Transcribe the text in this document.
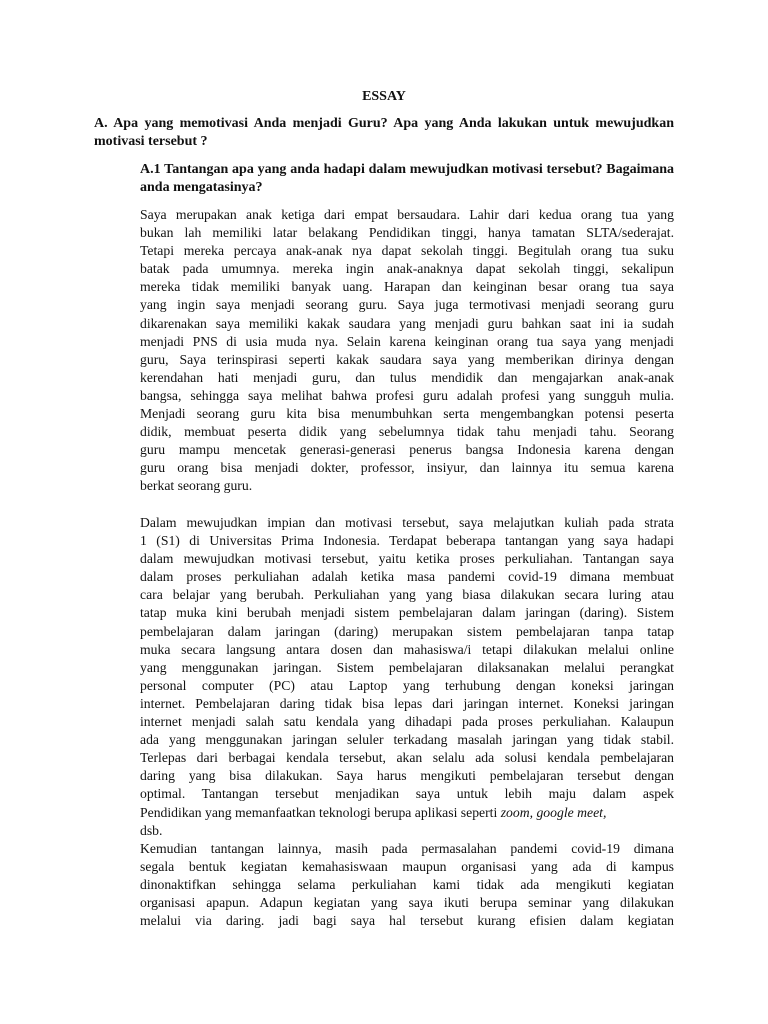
ESSAY
A. Apa yang memotivasi Anda menjadi Guru? Apa yang Anda lakukan untuk mewujudkan motivasi tersebut ?
A.1 Tantangan apa yang anda hadapi dalam mewujudkan motivasi tersebut? Bagaimana anda mengatasinya?
Saya merupakan anak ketiga dari empat bersaudara. Lahir dari kedua orang tua yang
bukan lah memiliki latar belakang Pendidikan tinggi, hanya tamatan SLTA/sederajat.
Tetapi mereka percaya anak-anak nya dapat sekolah tinggi. Begitulah orang tua suku
batak pada umumnya. mereka ingin anak-anaknya dapat sekolah tinggi, sekalipun
mereka tidak memiliki banyak uang. Harapan dan keinginan besar orang tua saya
yang ingin saya menjadi seorang guru. Saya juga termotivasi menjadi seorang guru
dikarenakan saya memiliki kakak saudara yang menjadi guru bahkan saat ini ia sudah
menjadi PNS di usia muda nya. Selain karena keinginan orang tua saya yang menjadi
guru, Saya terinspirasi seperti kakak saudara saya yang memberikan dirinya dengan
kerendahan hati menjadi guru, dan tulus mendidik dan mengajarkan anak-anak
bangsa, sehingga saya melihat bahwa profesi guru adalah profesi yang sungguh mulia.
Menjadi seorang guru kita bisa menumbuhkan serta mengembangkan potensi peserta
didik, membuat peserta didik yang sebelumnya tidak tahu menjadi tahu. Seorang
guru mampu mencetak generasi-generasi penerus bangsa Indonesia karena dengan
guru orang bisa menjadi dokter, professor, insiyur, dan lainnya itu semua karena
berkat seorang guru.
Dalam mewujudkan impian dan motivasi tersebut, saya melajutkan kuliah pada strata
1 (S1) di Universitas Prima Indonesia. Terdapat beberapa tantangan yang saya hadapi
dalam mewujudkan motivasi tersebut, yaitu ketika proses perkuliahan. Tantangan saya
dalam proses perkuliahan adalah ketika masa pandemi covid-19 dimana membuat
cara belajar yang berubah. Perkuliahan yang yang biasa dilakukan secara luring atau
tatap muka kini berubah menjadi sistem pembelajaran dalam jaringan (daring). Sistem
pembelajaran dalam jaringan (daring) merupakan sistem pembelajaran tanpa tatap
muka secara langsung antara dosen dan mahasiswa/i tetapi dilakukan melalui online
yang menggunakan jaringan. Sistem pembelajaran dilaksanakan melalui perangkat
personal computer (PC) atau Laptop yang terhubung dengan koneksi jaringan
internet. Pembelajaran daring tidak bisa lepas dari jaringan internet. Koneksi jaringan
internet menjadi salah satu kendala yang dihadapi pada proses perkuliahan. Kalaupun
ada yang menggunakan jaringan seluler terkadang masalah jaringan yang tidak stabil.
Terlepas dari berbagai kendala tersebut, akan selalu ada solusi kendala pembelajaran
daring yang bisa dilakukan. Saya harus mengikuti pembelajaran tersebut dengan
optimal. Tantangan tersebut menjadikan saya untuk lebih maju dalam aspek
Pendidikan yang memanfaatkan teknologi berupa aplikasi seperti zoom, google meet,
dsb.
Kemudian tantangan lainnya, masih pada permasalahan pandemi covid-19 dimana
segala bentuk kegiatan kemahasiswaan maupun organisasi yang ada di kampus
dinonaktifkan sehingga selama perkuliahan kami tidak ada mengikuti kegiatan
organisasi apapun. Adapun kegiatan yang saya ikuti berupa seminar yang dilakukan
melalui via daring. jadi bagi saya hal tersebut kurang efisien dalam kegiatan
